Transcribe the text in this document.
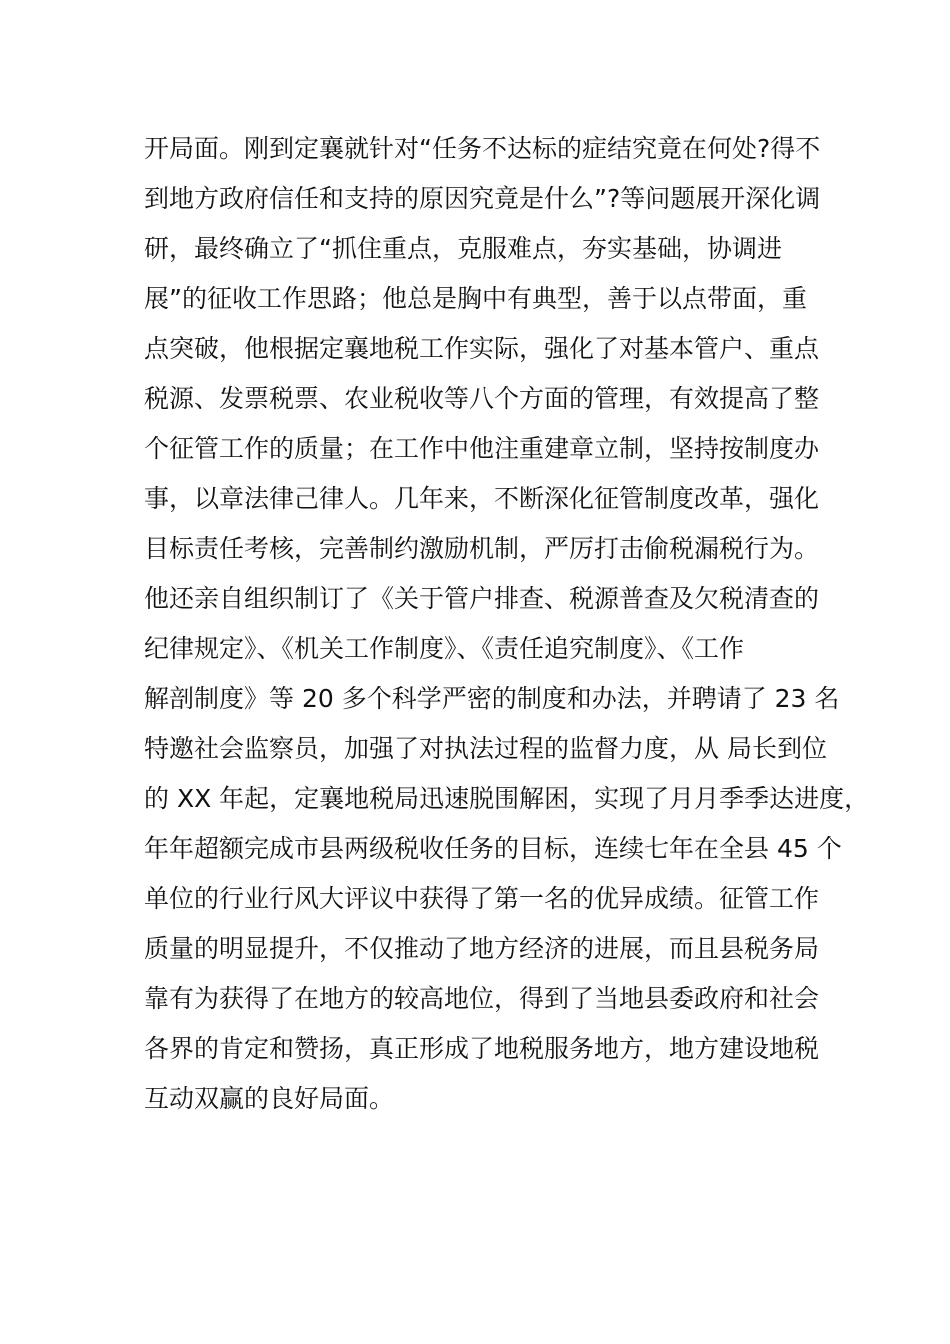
开局面。刚到定襄就针对“任务不达标的症结究竟在何处?得不
到地方政府信任和支持的原因究竟是什么”?等问题展开深化调
研，最终确立了“抓住重点，克服难点，夯实基础，协调进
展”的征收工作思路；他总是胸中有典型，善于以点带面，重
点突破，他根据定襄地税工作实际，强化了对基本管户、重点
税源、发票税票、农业税收等八个方面的管理，有效提高了整
个征管工作的质量；在工作中他注重建章立制，坚持按制度办
事，以章法律己律人。几年来，不断深化征管制度改革，强化
目标责任考核，完善制约激励机制，严厉打击偷税漏税行为。
他还亲自组织制订了《关于管户排查、税源普查及欠税清查的
纪律规定》、《机关工作制度》、《责任追究制度》、《工作
解剖制度》等 20 多个科学严密的制度和办法，并聘请了 23 名
特邀社会监察员，加强了对执法过程的监督力度，从 局长到位
的 XX 年起，定襄地税局迅速脱围解困，实现了月月季季达进度，
年年超额完成市县两级税收任务的目标，连续七年在全县 45 个
单位的行业行风大评议中获得了第一名的优异成绩。征管工作
质量的明显提升，不仅推动了地方经济的进展，而且县税务局
靠有为获得了在地方的较高地位，得到了当地县委政府和社会
各界的肯定和赞扬，真正形成了地税服务地方，地方建设地税
互动双赢的良好局面。
